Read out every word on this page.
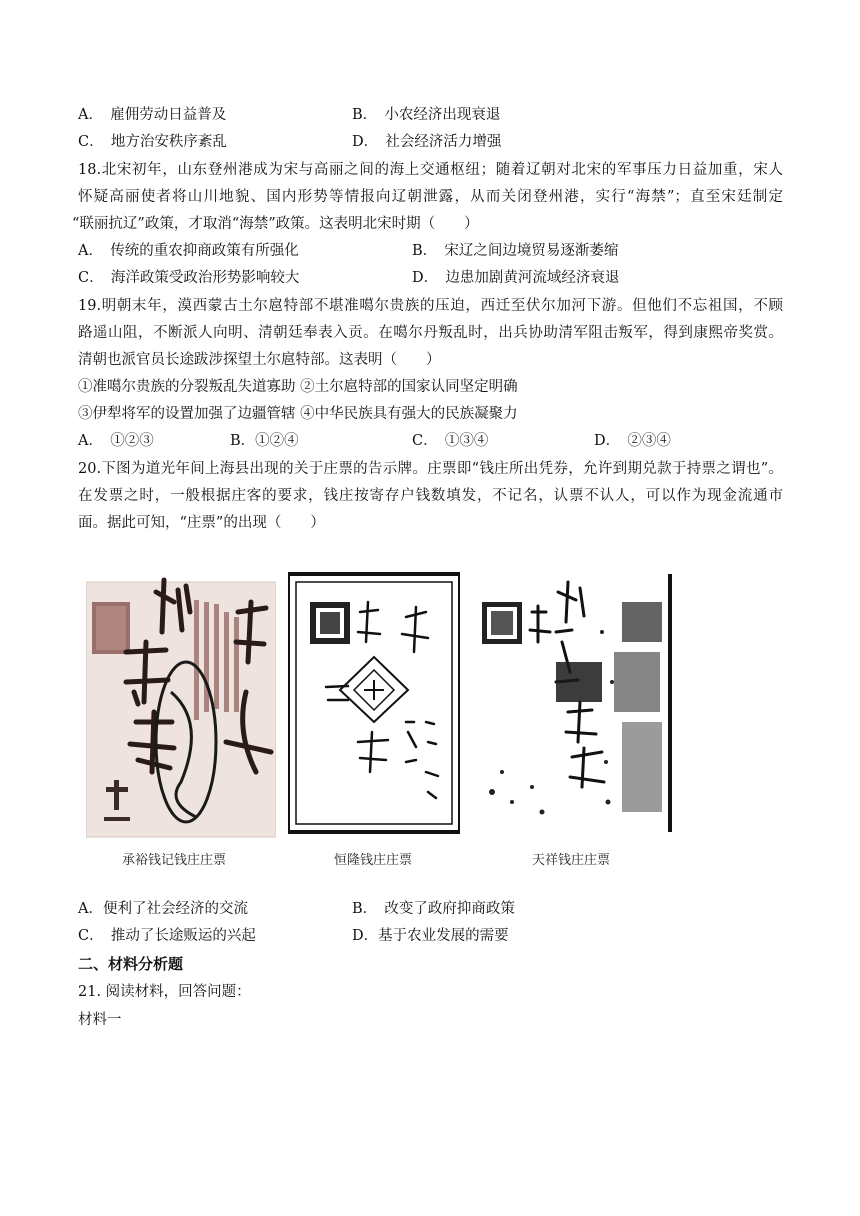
A．　雇佣劳动日益普及	B．　小农经济出现衰退
C．　地方治安秩序紊乱	D．　社会经济活力增强
18.北宋初年，山东登州港成为宋与高丽之间的海上交通枢纽；随着辽朝对北宋的军事压力日益加重，宋人
怀疑高丽使者将山川地貌、国内形势等情报向辽朝泄露，从而关闭登州港，实行“海禁”；直至宋廷制定
“联丽抗辽”政策，才取消“海禁”政策。这表明北宋时期（　　）
A．　传统的重农抑商政策有所强化	B．　宋辽之间边境贸易逐渐萎缩
C．　海洋政策受政治形势影响较大	D．　边患加剧黄河流域经济衰退
19.明朝末年，漠西蒙古土尔扈特部不堪准噶尔贵族的压迫，西迁至伏尔加河下游。但他们不忘祖国，不顾
路遥山阻，不断派人向明、清朝廷奉表入贡。在噶尔丹叛乱时，出兵协助清军阻击叛军，得到康熙帝奖赏。
清朝也派官员长途跋涉探望土尔扈特部。这表明（　　）
①准噶尔贵族的分裂叛乱失道寡助 ②土尔扈特部的国家认同坚定明确
③伊犁将军的设置加强了边疆管辖 ④中华民族具有强大的民族凝聚力
A．　①②③	B．①②④	C．　①③④	D．　②③④
20.下图为道光年间上海县出现的关于庄票的告示牌。庄票即“钱庄所出凭券，允许到期兑款于持票之谓也”。
在发票之时，一般根据庄客的要求，钱庄按寄存户钱数填发，不记名，认票不认人，可以作为现金流通市
面。据此可知，“庄票”的出现（　　）
承裕钱记钱庄庄票	恒隆钱庄庄票	天祥钱庄庄票
A．便利了社会经济的交流	B．　改变了政府抑商政策
C．　推动了长途贩运的兴起	D．基于农业发展的需要
二、材料分析题
21. 阅读材料，回答问题：
材料一
